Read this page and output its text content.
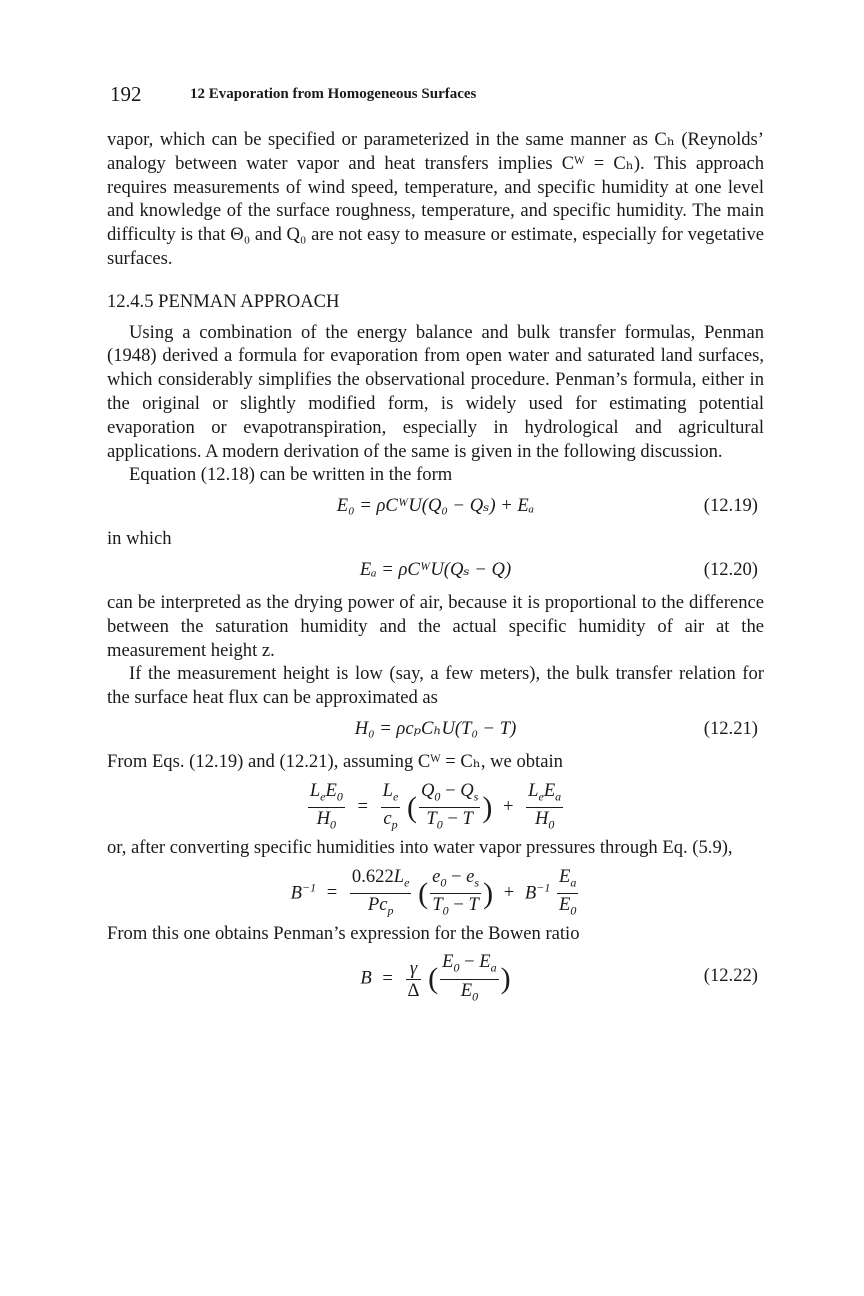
192	12 Evaporation from Homogeneous Surfaces

vapor, which can be specified or parameterized in the same manner as Cₕ (Reynolds’ analogy between water vapor and heat transfers implies Cᵂ = Cₕ). This approach requires measurements of wind speed, temperature, and specific humidity at one level and knowledge of the surface roughness, temperature, and specific humidity. The main difficulty is that Θ₀ and Q₀ are not easy to measure or estimate, especially for vegetative surfaces.

12.4.5 PENMAN APPROACH

Using a combination of the energy balance and bulk transfer formulas, Penman (1948) derived a formula for evaporation from open water and saturated land surfaces, which considerably simplifies the observational procedure. Penman’s formula, either in the original or slightly modified form, is widely used for estimating potential evaporation or evapotranspiration, especially in hydrological and agricultural applications. A modern derivation of the same is given in the following discussion.

Equation (12.18) can be written in the form

E₀ = ρCᵂU(Q₀ − Qₛ) + Eₐ	(12.19)

in which

Eₐ = ρCᵂU(Qₛ − Q)	(12.20)

can be interpreted as the drying power of air, because it is proportional to the difference between the saturation humidity and the actual specific humidity of air at the measurement height z.

If the measurement height is low (say, a few meters), the bulk transfer relation for the surface heat flux can be approximated as

H₀ = ρcₚCₕU(T₀ − T)	(12.21)

From Eqs. (12.19) and (12.21), assuming Cᵂ = Cₕ, we obtain

$\frac{L_eE_0}{H_0} = \frac{L_e}{c_p}$ ( $\frac{Q_0 - Q_s}{T_0 - T}$ ) + $\frac{L_eE_a}{H_0}$

or, after converting specific humidities into water vapor pressures through Eq. (5.9),

$B^{-1} = \frac{0.622L_e}{Pc_p}$ ( $\frac{e_0 - e_s}{T_0 - T}$ ) + $B^{-1} \frac{E_a}{E_0}$

From this one obtains Penman’s expression for the Bowen ratio

$B = \frac{\gamma}{\Delta}$ ( $\frac{E_0 - E_a}{E_0}$ )	(12.22)
